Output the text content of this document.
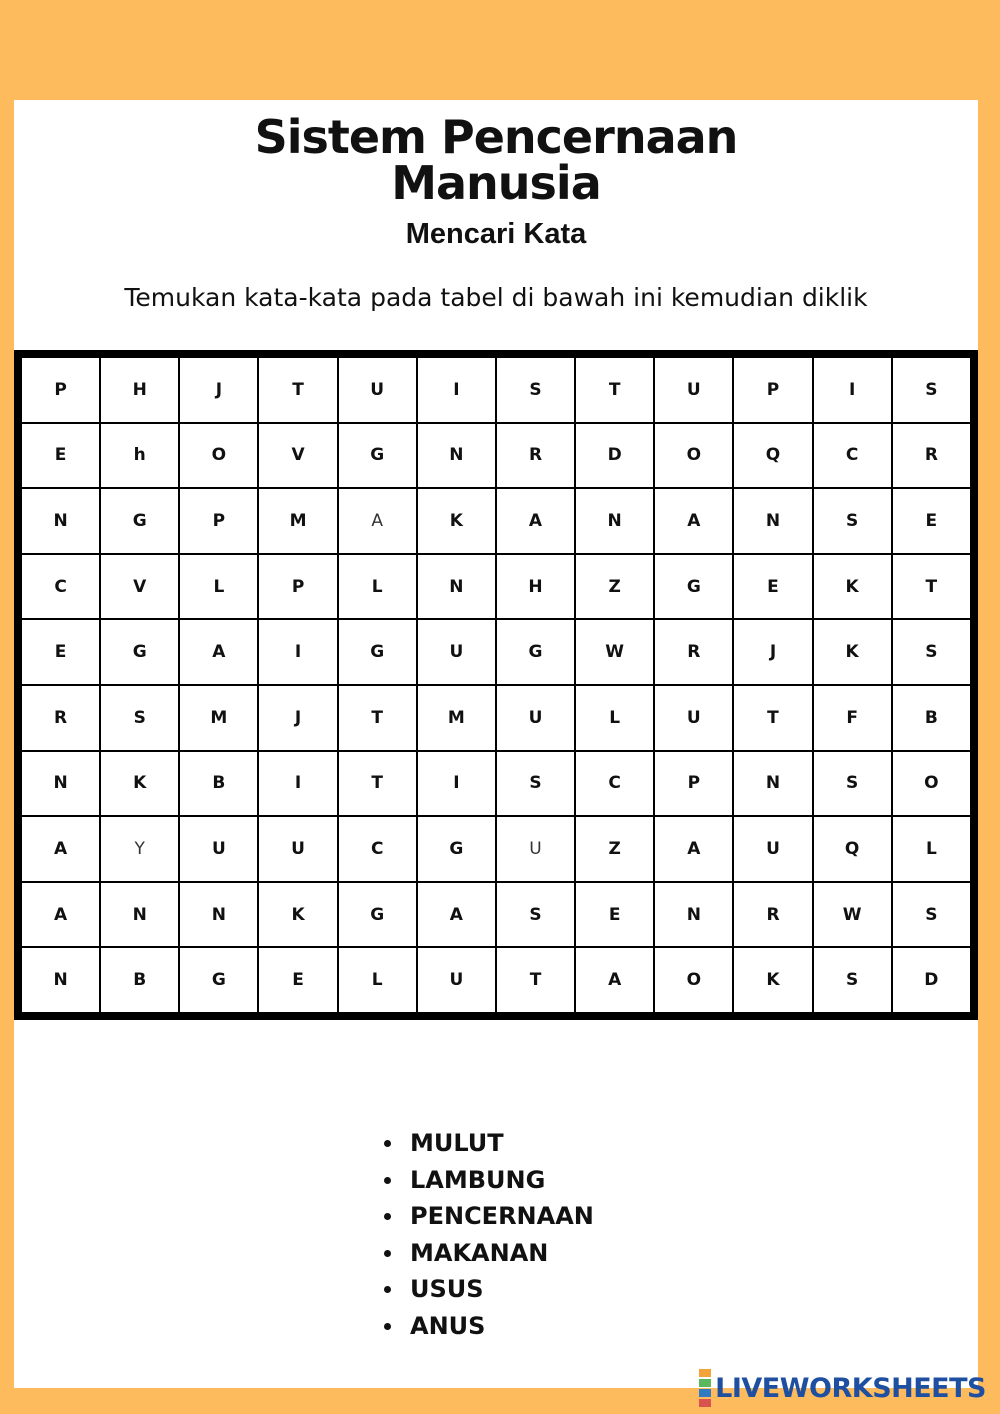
Sistem Pencernaan
Manusia
Mencari Kata
Temukan kata-kata pada tabel di bawah ini kemudian diklik
P	H	J	T	U	I	S	T	U	P	I	S
E	h	O	V	G	N	R	D	O	Q	C	R
N	G	P	M	A	K	A	N	A	N	S	E
C	V	L	P	L	N	H	Z	G	E	K	T
E	G	A	I	G	U	G	W	R	J	K	S
R	S	M	J	T	M	U	L	U	T	F	B
N	K	B	I	T	I	S	C	P	N	S	O
A	Y	U	U	C	G	U	Z	A	U	Q	L
A	N	N	K	G	A	S	E	N	R	W	S
N	B	G	E	L	U	T	A	O	K	S	D
MULUT
LAMBUNG
PENCERNAAN
MAKANAN
USUS
ANUS
LIVEWORKSHEETS
